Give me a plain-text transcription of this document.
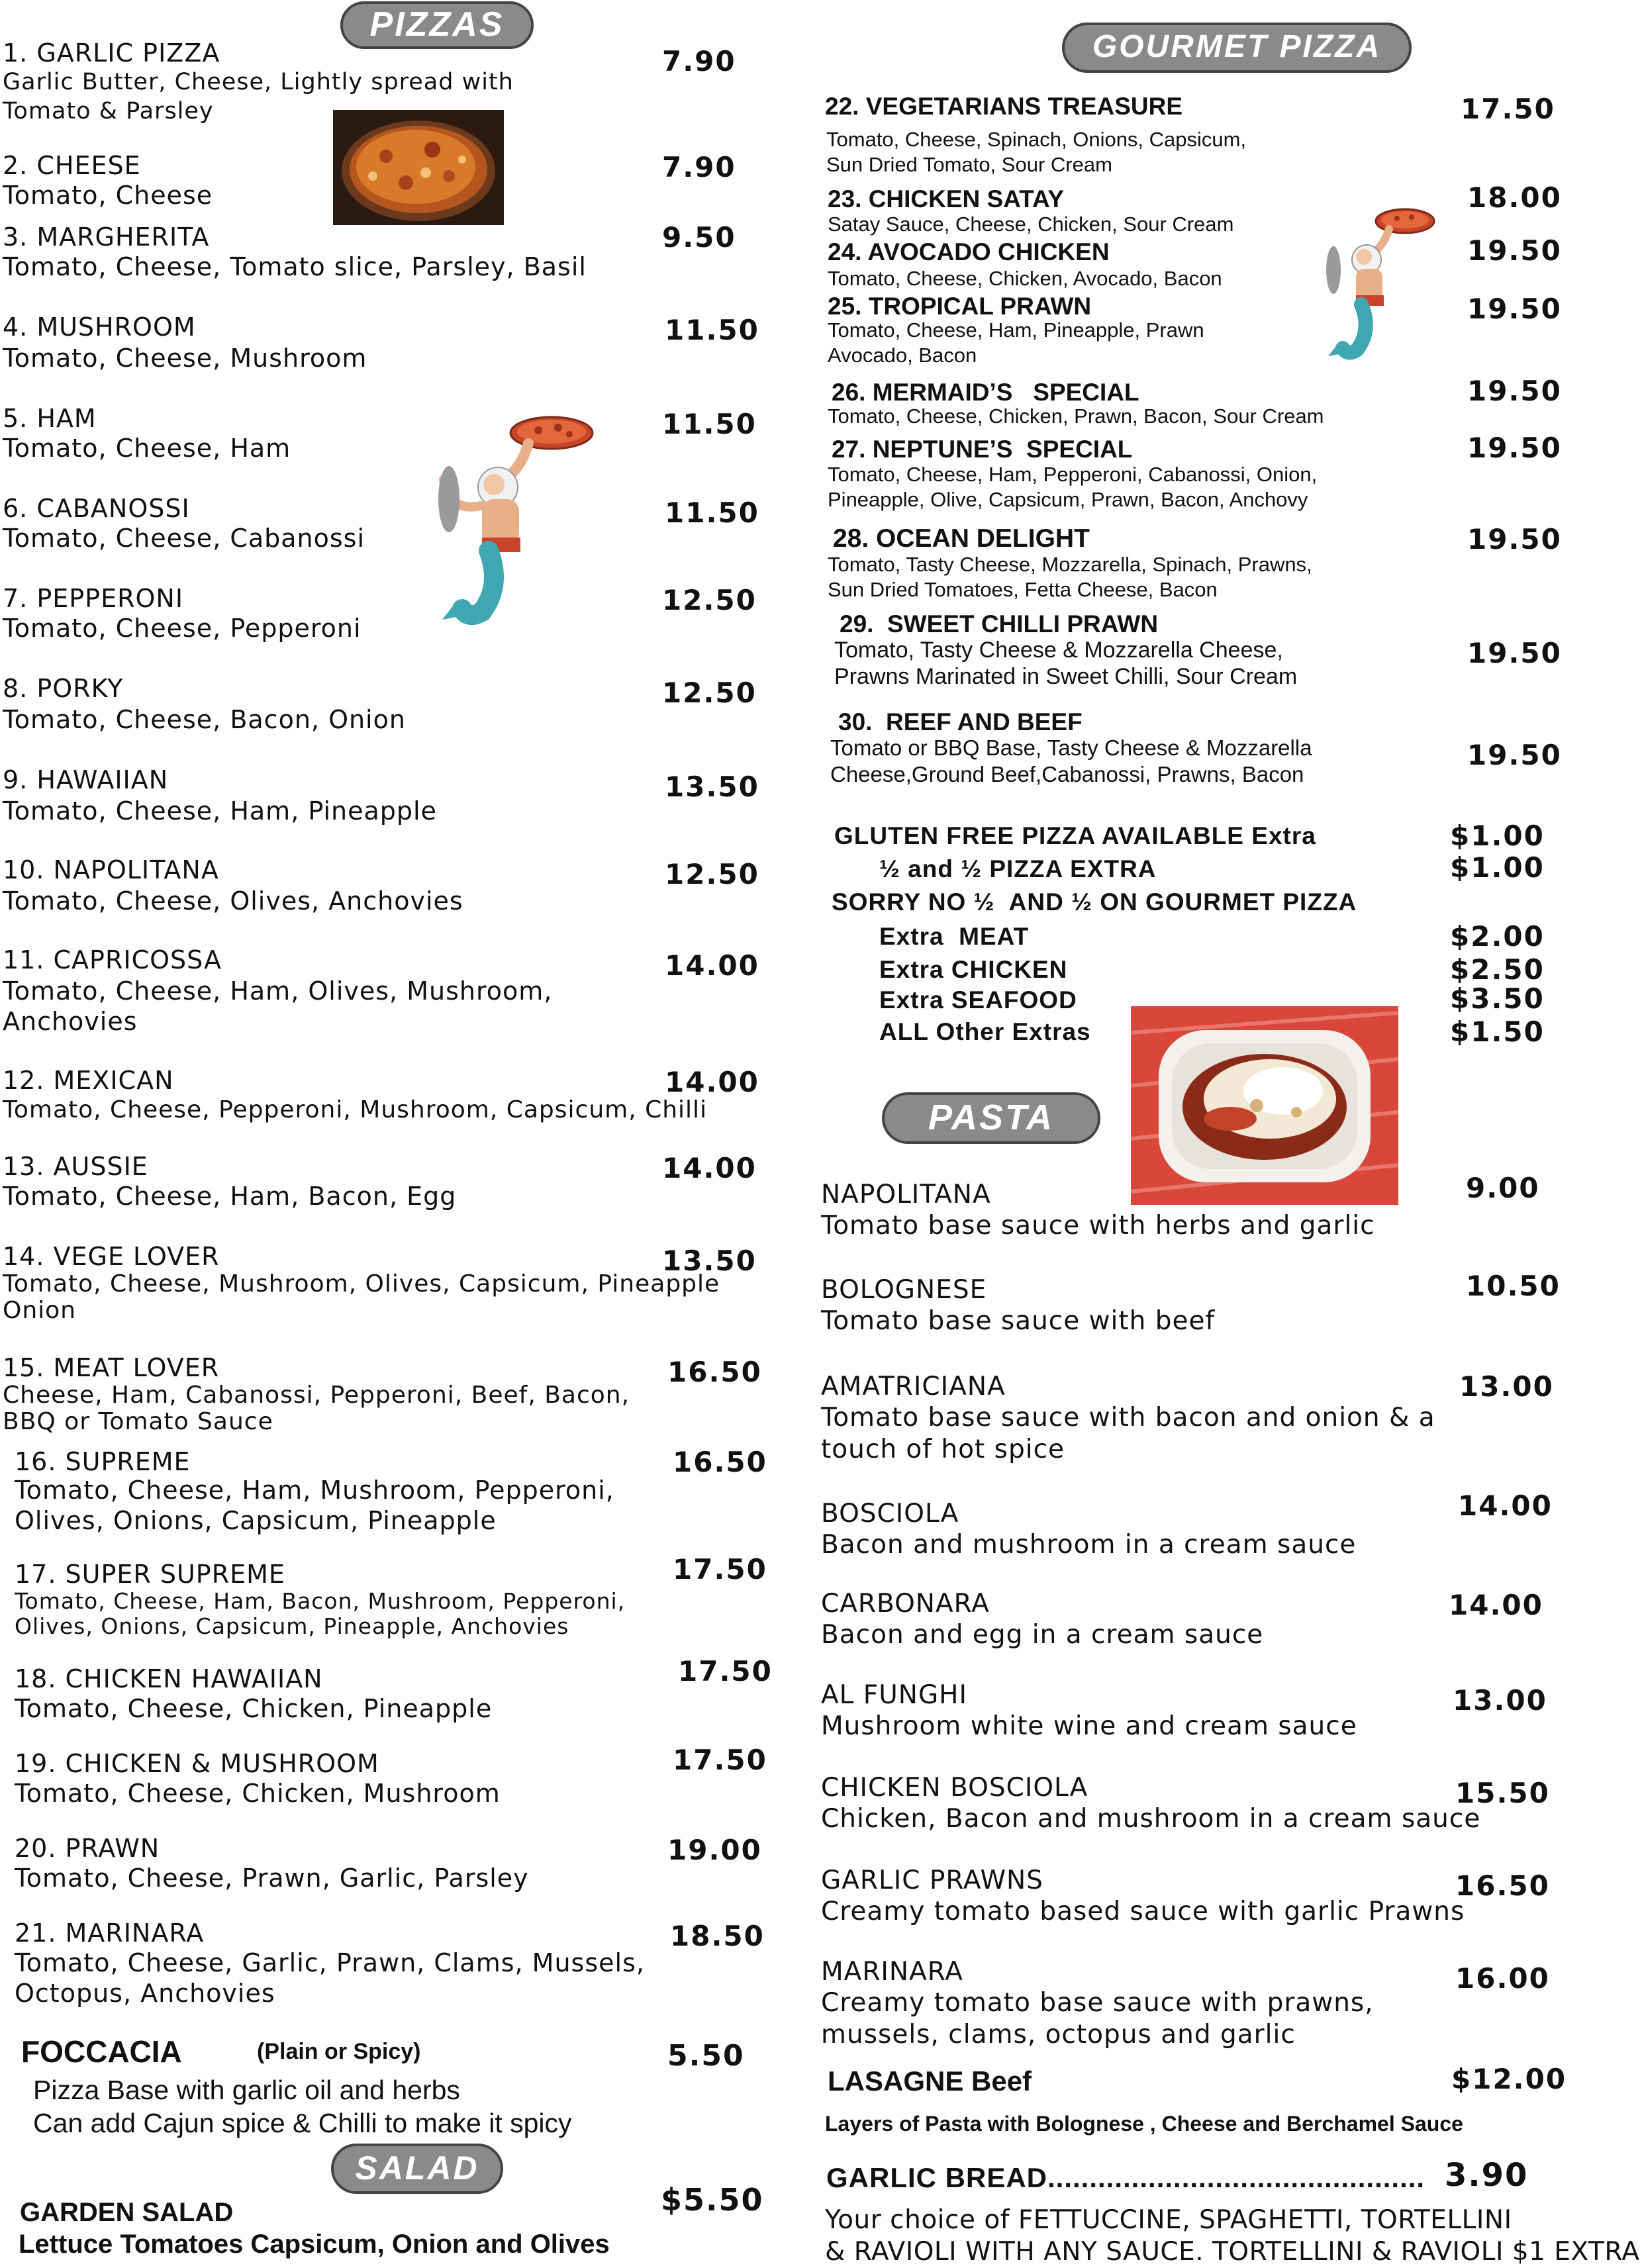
PIZZAS
GOURMET PIZZA
PASTA
SALAD
1. GARLIC PIZZA
Garlic Butter, Cheese, Lightly spread with
Tomato & Parsley
7.90
2. CHEESE
Tomato, Cheese
7.90
3. MARGHERITA
Tomato, Cheese, Tomato slice, Parsley, Basil
9.50
4. MUSHROOM
Tomato, Cheese, Mushroom
11.50
5. HAM
Tomato, Cheese, Ham
11.50
6. CABANOSSI
Tomato, Cheese, Cabanossi
11.50
7. PEPPERONI
Tomato, Cheese, Pepperoni
12.50
8. PORKY
Tomato, Cheese, Bacon, Onion
12.50
9. HAWAIIAN
Tomato, Cheese, Ham, Pineapple
13.50
10. NAPOLITANA
Tomato, Cheese, Olives, Anchovies
12.50
11. CAPRICOSSA
Tomato, Cheese, Ham, Olives, Mushroom,
Anchovies
14.00
12. MEXICAN
Tomato, Cheese, Pepperoni, Mushroom, Capsicum, Chilli
14.00
13. AUSSIE
Tomato, Cheese, Ham, Bacon, Egg
14.00
14. VEGE LOVER
Tomato, Cheese, Mushroom, Olives, Capsicum, Pineapple
Onion
13.50
15. MEAT LOVER
Cheese, Ham, Cabanossi, Pepperoni, Beef, Bacon,
BBQ or Tomato Sauce
16.50
16. SUPREME
Tomato, Cheese, Ham, Mushroom, Pepperoni,
Olives, Onions, Capsicum, Pineapple
16.50
17. SUPER SUPREME
Tomato, Cheese, Ham, Bacon, Mushroom, Pepperoni,
Olives, Onions, Capsicum, Pineapple, Anchovies
17.50
18. CHICKEN HAWAIIAN
Tomato, Cheese, Chicken, Pineapple
17.50
19. CHICKEN & MUSHROOM
Tomato, Cheese, Chicken, Mushroom
17.50
20. PRAWN
Tomato, Cheese, Prawn, Garlic, Parsley
19.00
21. MARINARA
Tomato, Cheese, Garlic, Prawn, Clams, Mussels,
Octopus, Anchovies
18.50
FOCCACIA	(Plain or Spicy)	5.50
Pizza Base with garlic oil and herbs
Can add Cajun spice & Chilli to make it spicy
GARDEN SALAD	$5.50
Lettuce Tomatoes Capsicum, Onion and Olives
22. VEGETARIANS TREASURE
Tomato, Cheese, Spinach, Onions, Capsicum,
Sun Dried Tomato, Sour Cream
17.50
23. CHICKEN SATAY
Satay Sauce, Cheese, Chicken, Sour Cream
18.00
24. AVOCADO CHICKEN
Tomato, Cheese, Chicken, Avocado, Bacon
19.50
25. TROPICAL PRAWN
Tomato, Cheese, Ham, Pineapple, Prawn
Avocado, Bacon
19.50
26. MERMAID’S   SPECIAL
Tomato, Cheese, Chicken, Prawn, Bacon, Sour Cream
19.50
27. NEPTUNE’S  SPECIAL
Tomato, Cheese, Ham, Pepperoni, Cabanossi, Onion,
Pineapple, Olive, Capsicum, Prawn, Bacon, Anchovy
19.50
28. OCEAN DELIGHT
Tomato, Tasty Cheese, Mozzarella, Spinach, Prawns,
Sun Dried Tomatoes, Fetta Cheese, Bacon
19.50
29.  SWEET CHILLI PRAWN
Tomato, Tasty Cheese & Mozzarella Cheese,
Prawns Marinated in Sweet Chilli, Sour Cream
19.50
30.  REEF AND BEEF
Tomato or BBQ Base, Tasty Cheese & Mozzarella
Cheese,Ground Beef,Cabanossi, Prawns, Bacon
19.50
GLUTEN FREE PIZZA AVAILABLE Extra	$1.00
½ and ½ PIZZA EXTRA	$1.00
SORRY NO ½  AND ½ ON GOURMET PIZZA
Extra  MEAT	$2.00
Extra CHICKEN	$2.50
Extra SEAFOOD	$3.50
ALL Other Extras	$1.50
NAPOLITANA
Tomato base sauce with herbs and garlic
9.00
BOLOGNESE
Tomato base sauce with beef
10.50
AMATRICIANA
Tomato base sauce with bacon and onion & a
touch of hot spice
13.00
BOSCIOLA
Bacon and mushroom in a cream sauce
14.00
CARBONARA
Bacon and egg in a cream sauce
14.00
AL FUNGHI
Mushroom white wine and cream sauce
13.00
CHICKEN BOSCIOLA
Chicken, Bacon and mushroom in a cream sauce
15.50
GARLIC PRAWNS
Creamy tomato based sauce with garlic Prawns
16.50
MARINARA
Creamy tomato base sauce with prawns,
mussels, clams, octopus and garlic
16.00
LASAGNE Beef	$12.00
Layers of Pasta with Bolognese , Cheese and Berchamel Sauce
GARLIC BREAD............................................. 3.90
Your choice of FETTUCCINE, SPAGHETTI, TORTELLINI
& RAVIOLI WITH ANY SAUCE. TORTELLINI & RAVIOLI $1 EXTRA
